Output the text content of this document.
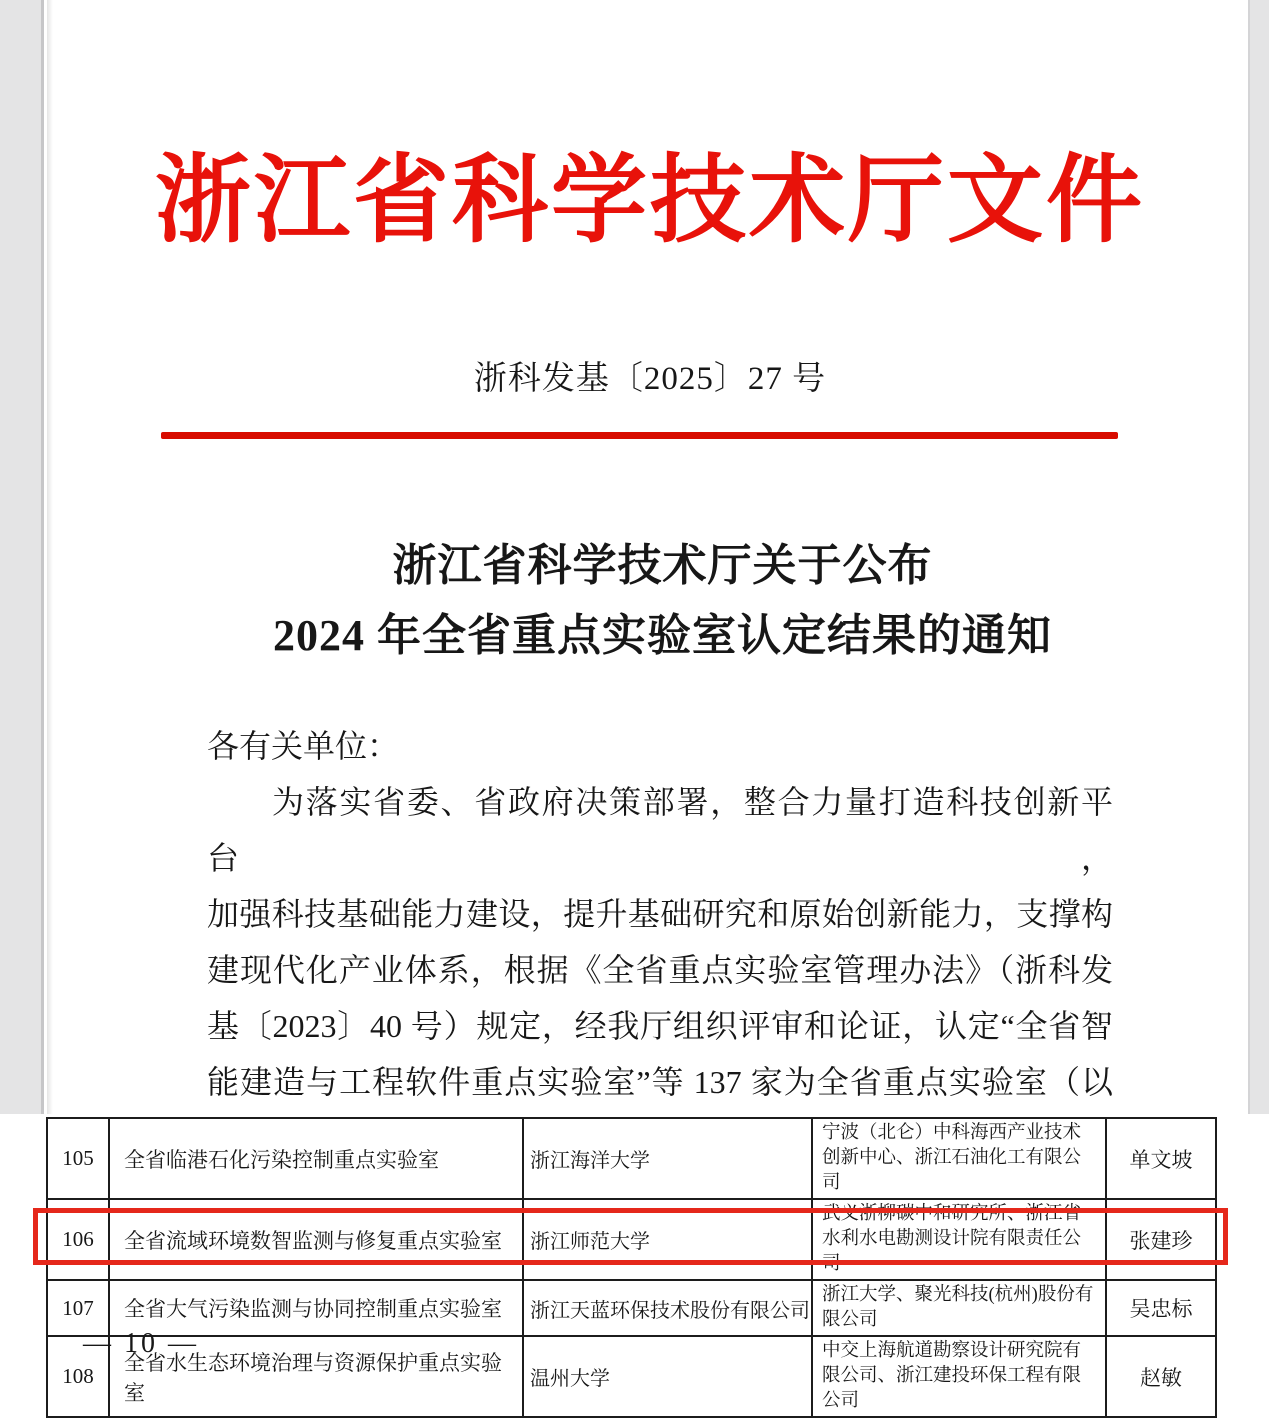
浙江省科学技术厅文件
浙科发基〔2025〕27 号
浙江省科学技术厅关于公布
2024 年全省重点实验室认定结果的通知
各有关单位：
为落实省委、省政府决策部署，整合力量打造科技创新平台，
加强科技基础能力建设，提升基础研究和原始创新能力，支撑构
建现代化产业体系，根据《全省重点实验室管理办法》（浙科发
基〔2023〕40 号）规定，经我厅组织评审和论证，认定“全省智
能建造与工程软件重点实验室”等 137 家为全省重点实验室（以
105	全省临港石化污染控制重点实验室	浙江海洋大学	宁波（北仑）中科海西产业技术创新中心、浙江石油化工有限公司	单文坡
106	全省流域环境数智监测与修复重点实验室	浙江师范大学	武义浙柳碳中和研究所、浙江省水利水电勘测设计院有限责任公司	张建珍
107	全省大气污染监测与协同控制重点实验室	浙江天蓝环保技术股份有限公司	浙江大学、聚光科技(杭州)股份有限公司	吴忠标
108	全省水生态环境治理与资源保护重点实验室	温州大学	中交上海航道勘察设计研究院有限公司、浙江建投环保工程有限公司	赵敏
— 10 —
